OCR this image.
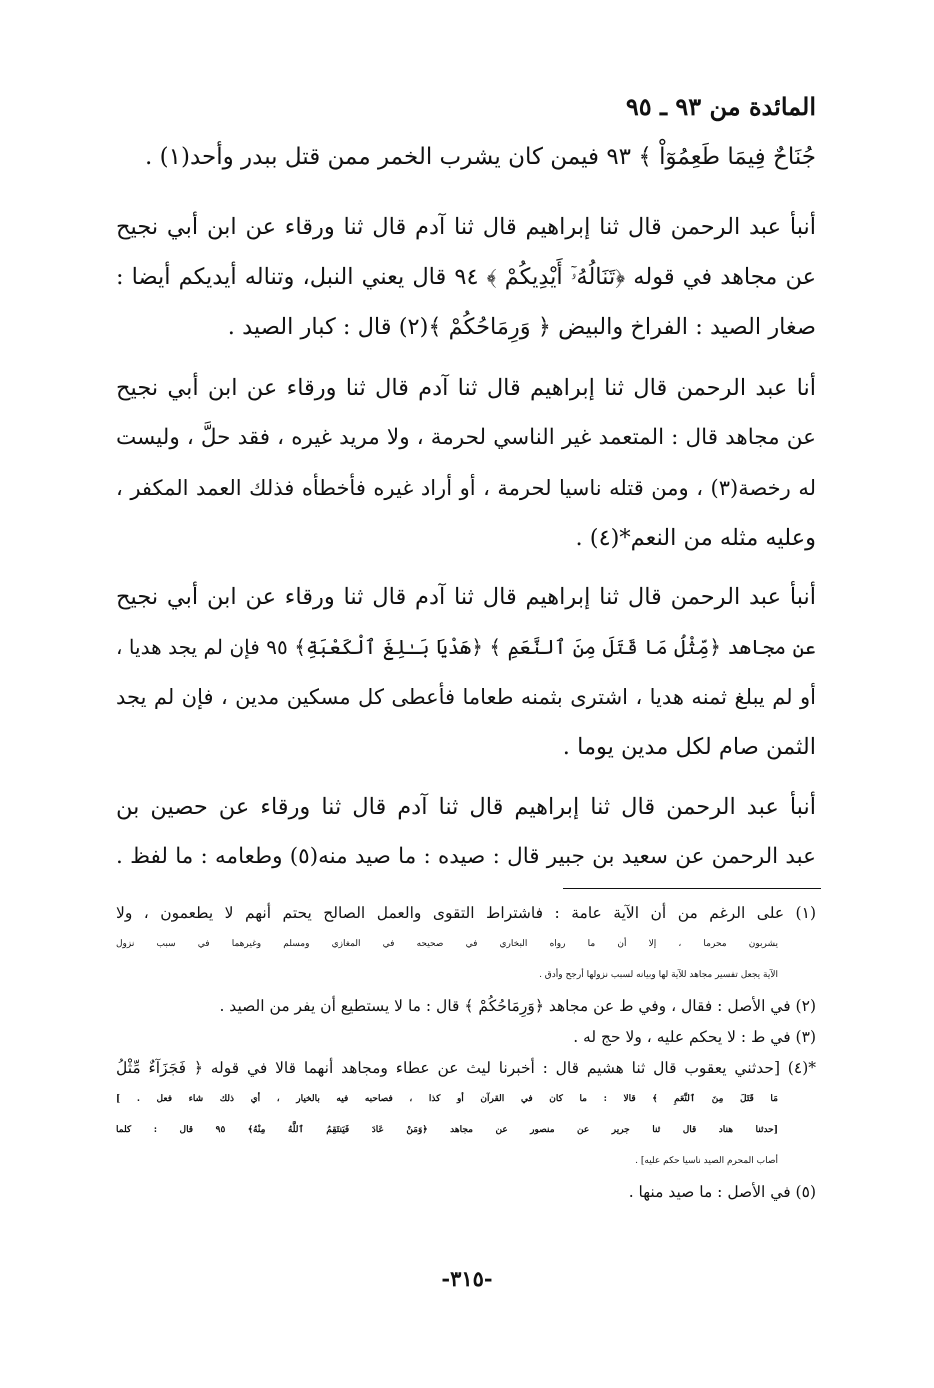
المائدة من ٩٣ ـ ٩٥
جُنَاحٌ فِيمَا طَعِمُوٓاْ ﴾ ٩٣ فيمن كان يشرب الخمر ممن قتل ببدر وأحد(١) .
أنبأ عبد الرحمن قال ثنا إبراهيم قال ثنا آدم قال ثنا ورقاء عن ابن أبي نجيح
عن مجاهد في قوله ﴿تَنَالُهُۥٓ أَيْدِيكُمْ ﴾ ٩٤ قال يعني النبل، وتناله أيديكم أيضا :
صغار الصيد : الفراخ والبيض ﴿ وَرِمَاحُكُمْ ﴾(٢) قال : كبار الصيد .
أنا عبد الرحمن قال ثنا إبراهيم قال ثنا آدم قال ثنا ورقاء عن ابن أبي نجيح
عن مجاهد قال : المتعمد غير الناسي لحرمة ، ولا مريد غيره ، فقد حلَّ ، وليست
له رخصة(٣) ، ومن قتله ناسيا لحرمة ، أو أراد غيره فأخطأه فذلك العمد المكفر ،
وعليه مثله من النعم*(٤) .
أنبأ عبد الرحمن قال ثنا إبراهيم قال ثنا آدم قال ثنا ورقاء عن ابن أبي نجيح
عن مجاهد ﴿مِّثْلُ مَا قَتَلَ مِنَ ٱلنَّعَمِ ﴾ ﴿هَدْيَا بَـٰلِغَ ٱلْكَعْبَةِ﴾ ٩٥ فإن لم يجد هديا ،
أو لم يبلغ ثمنه هديا ، اشترى بثمنه طعاما فأعطى كل مسكين مدين ، فإن لم يجد
الثمن صام لكل مدين يوما .
أنبأ عبد الرحمن قال ثنا إبراهيم قال ثنا آدم قال ثنا ورقاء عن حصين بن
عبد الرحمن عن سعيد بن جبير قال : صيده : ما صيد منه(٥) وطعامه : ما لفظ .
(١) على الرغم من أن الآية عامة : فاشتراط التقوى والعمل الصالح يحتم أنهم لا يطعمون ، ولا
يشربون محرما ، إلا أن ما رواه البخاري في صحيحه في المغازي ومسلم وغيرهما في سبب نزول
الآية يجعل تفسير مجاهد للآية لها وبيانه لسبب نزولها أرجح وأدق .
(٢) في الأصل : فقال ، وفي ط عن مجاهد ﴿وَرِمَاحُكُمْ ﴾ قال : ما لا يستطيع أن يفر من الصيد .
(٣) في ط : لا يحكم عليه ، ولا حج له .
*(٤) [حدثني يعقوب قال ثنا هشيم قال : أخبرنا ليث عن عطاء ومجاهد أنهما قالا في قوله ﴿ فَجَزَآءٌ مِّثْلُ
مَا قَتَلَ مِنَ ٱلنَّعَمِ ﴾ قالا : ما كان في القرآن أو كذا ، فصاحبه فيه بالخيار ، أي ذلك شاء فعل . ]
[حدثنا هناد قال ثنا جرير عن منصور عن مجاهد ﴿وَمَنْ عَادَ فَيَنتَقِمُ ٱللَّهُ مِنْهُ﴾ ٩٥ قال : كلما
أصاب المحرم الصيد ناسيا حكم عليه] .
(٥) في الأصل : ما صيد منها .
-٣١٥-
